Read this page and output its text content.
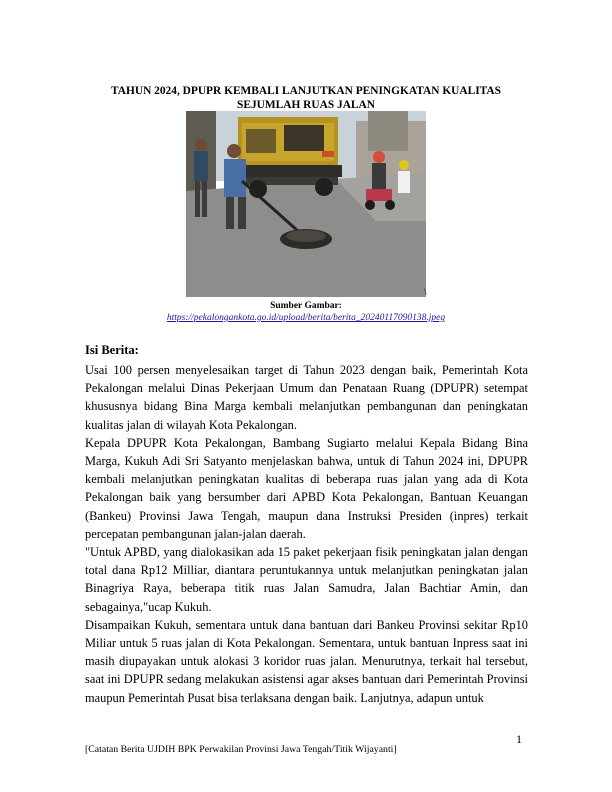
TAHUN 2024, DPUPR KEMBALI LANJUTKAN PENINGKATAN KUALITAS
SEJUMLAH RUAS JALAN
\
Sumber Gambar:
https://pekalongankota.go.id/upload/berita/berita_20240117090138.jpeg
Isi Berita:

Usai 100 persen menyelesaikan target di Tahun 2023 dengan baik, Pemerintah Kota Pekalongan melalui Dinas Pekerjaan Umum dan Penataan Ruang (DPUPR) setempat khususnya bidang Bina Marga kembali melanjutkan pembangunan dan peningkatan kualitas jalan di wilayah Kota Pekalongan.

Kepala DPUPR Kota Pekalongan, Bambang Sugiarto melalui Kepala Bidang Bina Marga, Kukuh Adi Sri Satyanto menjelaskan bahwa, untuk di Tahun 2024 ini, DPUPR kembali melanjutkan peningkatan kualitas di beberapa ruas jalan yang ada di Kota Pekalongan baik yang bersumber dari APBD Kota Pekalongan, Bantuan Keuangan (Bankeu) Provinsi Jawa Tengah, maupun dana Instruksi Presiden (inpres) terkait percepatan pembangunan jalan-jalan daerah.

"Untuk APBD, yang dialokasikan ada 15 paket pekerjaan fisik peningkatan jalan dengan total dana Rp12 Milliar, diantara peruntukannya untuk melanjutkan peningkatan jalan Binagriya Raya, beberapa titik ruas Jalan Samudra, Jalan Bachtiar Amin, dan sebagainya,"ucap Kukuh.

Disampaikan Kukuh, sementara untuk dana bantuan dari Bankeu Provinsi sekitar Rp10 Miliar untuk 5 ruas jalan di Kota Pekalongan. Sementara, untuk bantuan Inpress saat ini masih diupayakan untuk alokasi 3 koridor ruas jalan. Menurutnya, terkait hal tersebut, saat ini DPUPR sedang melakukan asistensi agar akses bantuan dari Pemerintah Provinsi maupun Pemerintah Pusat bisa terlaksana dengan baik. Lanjutnya, adapun untuk

1
[Catatan Berita UJDIH BPK Perwakilan Provinsi Jawa Tengah/Titik Wijayanti]
